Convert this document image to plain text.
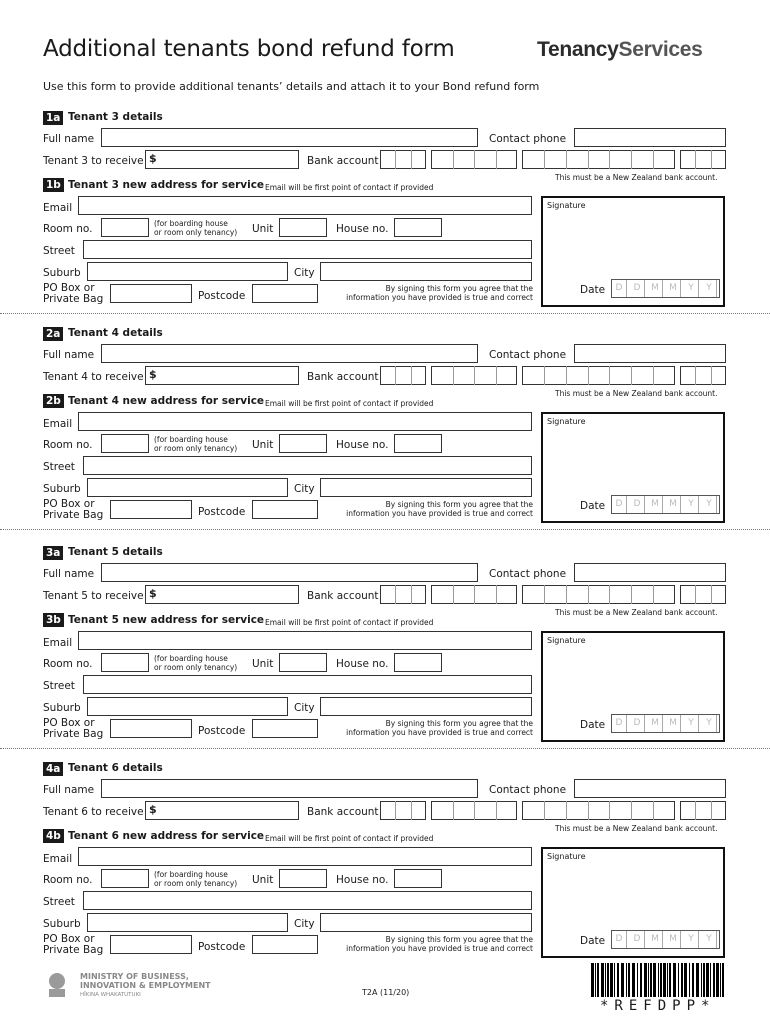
Additional tenants bond refund form	TenancyServices
Use this form to provide additional tenants’ details and attach it to your Bond refund form
1a Tenant 3 details
Full name	Contact phone
Tenant 3 to receive $	Bank account
This must be a New Zealand bank account.
1b Tenant 3 new address for service Email will be first point of contact if provided
Email
Room no.	(for boarding house
or room only tenancy) Unit	House no.
Street
Suburb	City
PO Box or
Private Bag	Postcode
By signing this form you agree that the
information you have provided is true and correct
Signature
Date	D	D	M	M	Y	Y
2a Tenant 4 details
Full name	Contact phone
Tenant 4 to receive $	Bank account
This must be a New Zealand bank account.
2b Tenant 4 new address for service Email will be first point of contact if provided
Email
Room no.	(for boarding house
or room only tenancy) Unit	House no.
Street
Suburb	City
PO Box or
Private Bag	Postcode
By signing this form you agree that the
information you have provided is true and correct
Signature
Date	D	D	M	M	Y	Y
3a Tenant 5 details
Full name	Contact phone
Tenant 5 to receive $	Bank account
This must be a New Zealand bank account.
3b Tenant 5 new address for service Email will be first point of contact if provided
Email
Room no.	(for boarding house
or room only tenancy) Unit	House no.
Street
Suburb	City
PO Box or
Private Bag	Postcode
By signing this form you agree that the
information you have provided is true and correct
Signature
Date	D	D	M	M	Y	Y
4a Tenant 6 details
Full name	Contact phone
Tenant 6 to receive $	Bank account
This must be a New Zealand bank account.
4b Tenant 6 new address for service Email will be first point of contact if provided
Email
Room no.	(for boarding house
or room only tenancy) Unit	House no.
Street
Suburb	City
PO Box or
Private Bag	Postcode
By signing this form you agree that the
information you have provided is true and correct
Signature
Date	D	D	M	M	Y	Y
MINISTRY OF BUSINESS,
INNOVATION & EMPLOYMENT
HĪKINA WHAKATUTUKI	T2A (11/20)
*REFDPP*
